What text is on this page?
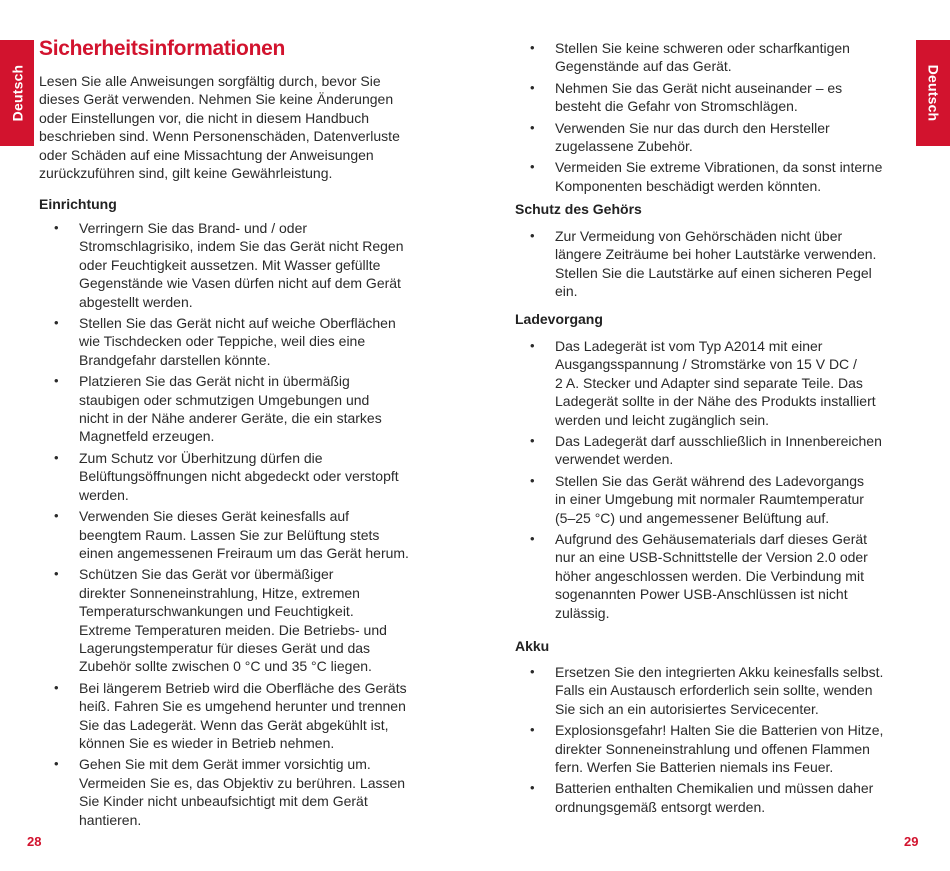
Deutsch
Sicherheitsinformationen

Lesen Sie alle Anweisungen sorgfältig durch, bevor Sie
dieses Gerät verwenden. Nehmen Sie keine Änderungen
oder Einstellungen vor, die nicht in diesem Handbuch
beschrieben sind. Wenn Personenschäden, Datenverluste
oder Schäden auf eine Missachtung der Anweisungen
zurückzuführen sind, gilt keine Gewährleistung.

Einrichtung
• Verringern Sie das Brand- und / oder
Stromschlagrisiko, indem Sie das Gerät nicht Regen
oder Feuchtigkeit aussetzen. Mit Wasser gefüllte
Gegenstände wie Vasen dürfen nicht auf dem Gerät
abgestellt werden.
• Stellen Sie das Gerät nicht auf weiche Oberflächen
wie Tischdecken oder Teppiche, weil dies eine
Brandgefahr darstellen könnte.
• Platzieren Sie das Gerät nicht in übermäßig
staubigen oder schmutzigen Umgebungen und
nicht in der Nähe anderer Geräte, die ein starkes
Magnetfeld erzeugen.
• Zum Schutz vor Überhitzung dürfen die
Belüftungsöffnungen nicht abgedeckt oder verstopft
werden.
• Verwenden Sie dieses Gerät keinesfalls auf
beengtem Raum. Lassen Sie zur Belüftung stets
einen angemessenen Freiraum um das Gerät herum.
• Schützen Sie das Gerät vor übermäßiger
direkter Sonneneinstrahlung, Hitze, extremen
Temperaturschwankungen und Feuchtigkeit.
Extreme Temperaturen meiden. Die Betriebs- und
Lagerungstemperatur für dieses Gerät und das
Zubehör sollte zwischen 0 °C und 35 °C liegen.
• Bei längerem Betrieb wird die Oberfläche des Geräts
heiß. Fahren Sie es umgehend herunter und trennen
Sie das Ladegerät. Wenn das Gerät abgekühlt ist,
können Sie es wieder in Betrieb nehmen.
• Gehen Sie mit dem Gerät immer vorsichtig um.
Vermeiden Sie es, das Objektiv zu berühren. Lassen
Sie Kinder nicht unbeaufsichtigt mit dem Gerät
hantieren.
28
Deutsch
• Stellen Sie keine schweren oder scharfkantigen
Gegenstände auf das Gerät.
• Nehmen Sie das Gerät nicht auseinander – es
besteht die Gefahr von Stromschlägen.
• Verwenden Sie nur das durch den Hersteller
zugelassene Zubehör.
• Vermeiden Sie extreme Vibrationen, da sonst interne
Komponenten beschädigt werden könnten.
Schutz des Gehörs
• Zur Vermeidung von Gehörschäden nicht über
längere Zeiträume bei hoher Lautstärke verwenden.
Stellen Sie die Lautstärke auf einen sicheren Pegel
ein.
Ladevorgang
• Das Ladegerät ist vom Typ A2014 mit einer
Ausgangsspannung / Stromstärke von 15 V DC /
2 A. Stecker und Adapter sind separate Teile. Das
Ladegerät sollte in der Nähe des Produkts installiert
werden und leicht zugänglich sein.
• Das Ladegerät darf ausschließlich in Innenbereichen
verwendet werden.
• Stellen Sie das Gerät während des Ladevorgangs
in einer Umgebung mit normaler Raumtemperatur
(5–25 °C) und angemessener Belüftung auf.
• Aufgrund des Gehäusematerials darf dieses Gerät
nur an eine USB-Schnittstelle der Version 2.0 oder
höher angeschlossen werden. Die Verbindung mit
sogenannten Power USB-Anschlüssen ist nicht
zulässig.
Akku
• Ersetzen Sie den integrierten Akku keinesfalls selbst.
Falls ein Austausch erforderlich sein sollte, wenden
Sie sich an ein autorisiertes Servicecenter.
• Explosionsgefahr! Halten Sie die Batterien von Hitze,
direkter Sonneneinstrahlung und offenen Flammen
fern. Werfen Sie Batterien niemals ins Feuer.
• Batterien enthalten Chemikalien und müssen daher
ordnungsgemäß entsorgt werden.
29
